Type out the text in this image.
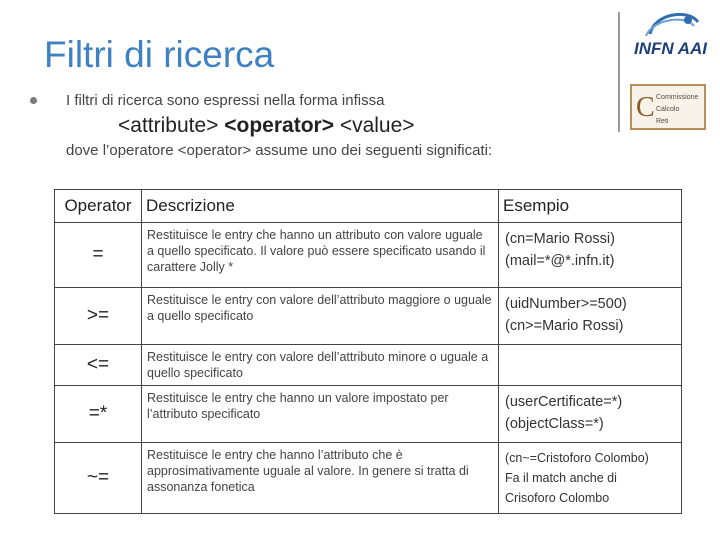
Filtri di ricerca	INFN AAI
C Commissione
Calcolo
Reti
I filtri di ricerca sono espressi nella forma infissa
<attribute> <operator> <value>
dove l’operatore <operator> assume uno dei seguenti significati:
Operator	Descrizione	Esempio
=	Restituisce le entry che hanno un attributo con valore uguale a quello specificato. Il valore può essere specificato usando il carattere Jolly *	(cn=Mario Rossi)
(mail=*@*.infn.it)

>=	Restituisce le entry con valore dell’attributo maggiore o uguale a quello specificato	(uidNumber>=500)
(cn>=Mario Rossi)

<=	Restituisce le entry con valore dell’attributo minore o uguale a quello specificato	
=*	Restituisce le entry che hanno un valore impostato per l’attributo specificato	(userCertificate=*)
(objectClass=*)

~=	Restituisce le entry che hanno l’attributo che è approsimativamente uguale al valore. In genere si tratta di assonanza fonetica	(cn~=Cristoforo Colombo)
Fa il match anche di
Crisoforo Colombo
